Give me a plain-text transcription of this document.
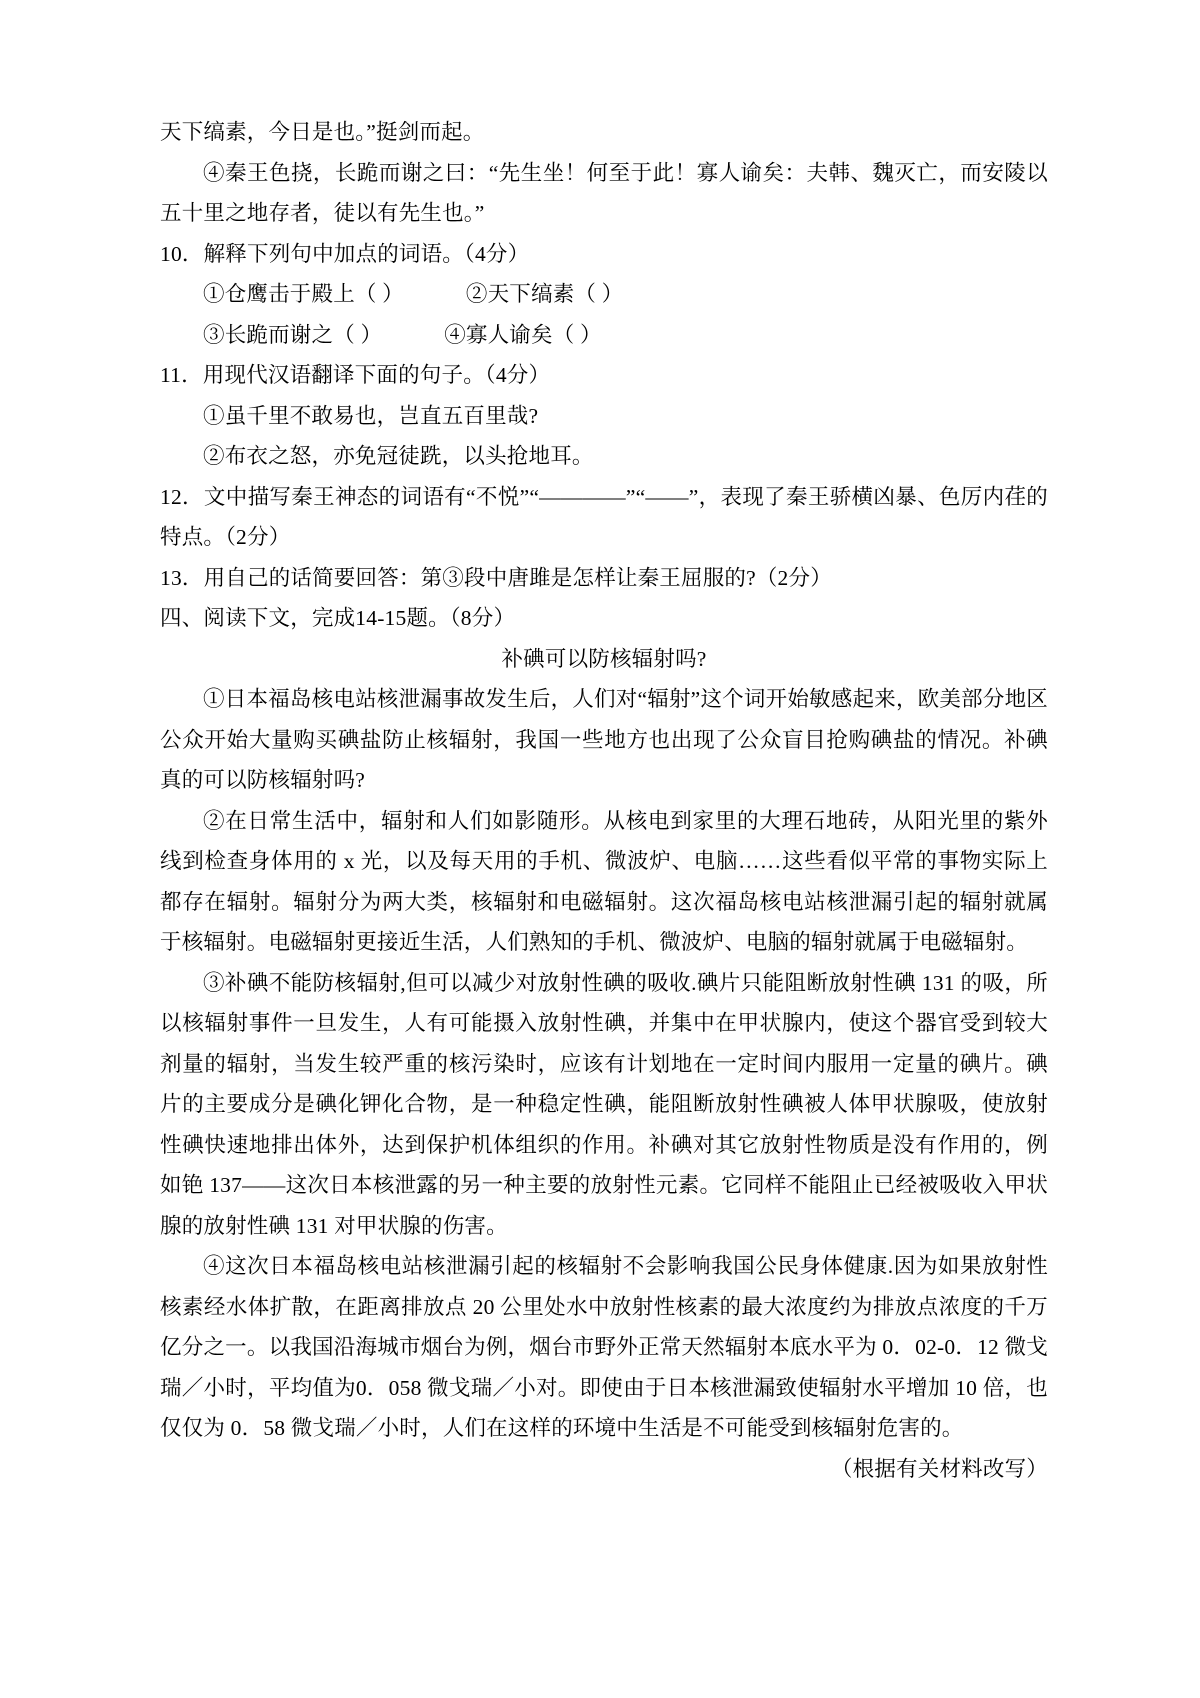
天下缟素，今日是也。”挺剑而起。

④秦王色挠，长跪而谢之曰：“先生坐！何至于此！寡人谕矣：夫韩、魏灭亡，而安陵以五十里之地存者，徒以有先生也。”

10．解释下列句中加点的词语。（4分）

①仓鹰击于殿上（ ）	②天下缟素（ ）

③长跪而谢之（ ）	④寡人谕矣（ ）

11．用现代汉语翻译下面的句子。（4分）

①虽千里不敢易也，岂直五百里哉?

②布衣之怒，亦免冠徒跣，以头抢地耳。

12．文中描写秦王神态的词语有“不悦”“————”“——”，表现了秦王骄横凶暴、色厉内荏的特点。（2分）

13．用自己的话简要回答：第③段中唐雎是怎样让秦王屈服的?（2分）

四、阅读下文，完成14-15题。（8分）

补碘可以防核辐射吗?

①日本福岛核电站核泄漏事故发生后，人们对“辐射”这个词开始敏感起来，欧美部分地区公众开始大量购买碘盐防止核辐射，我国一些地方也出现了公众盲目抢购碘盐的情况。补碘真的可以防核辐射吗?

②在日常生活中，辐射和人们如影随形。从核电到家里的大理石地砖，从阳光里的紫外线到检查身体用的 x 光，以及每天用的手机、微波炉、电脑……这些看似平常的事物实际上都存在辐射。辐射分为两大类，核辐射和电磁辐射。这次福岛核电站核泄漏引起的辐射就属于核辐射。电磁辐射更接近生活，人们熟知的手机、微波炉、电脑的辐射就属于电磁辐射。

③补碘不能防核辐射,但可以减少对放射性碘的吸收.碘片只能阻断放射性碘 131 的吸，所以核辐射事件一旦发生，人有可能摄入放射性碘，并集中在甲状腺内，使这个器官受到较大剂量的辐射，当发生较严重的核污染时，应该有计划地在一定时间内服用一定量的碘片。碘片的主要成分是碘化钾化合物，是一种稳定性碘，能阻断放射性碘被人体甲状腺吸，使放射性碘快速地排出体外，达到保护机体组织的作用。补碘对其它放射性物质是没有作用的，例如铯 137——这次日本核泄露的另一种主要的放射性元素。它同样不能阻止已经被吸收入甲状腺的放射性碘 131 对甲状腺的伤害。

④这次日本福岛核电站核泄漏引起的核辐射不会影响我国公民身体健康.因为如果放射性核素经水体扩散，在距离排放点 20 公里处水中放射性核素的最大浓度约为排放点浓度的千万亿分之一。以我国沿海城市烟台为例，烟台市野外正常天然辐射本底水平为 0．02-0．12 微戈瑞／小时，平均值为0．058 微戈瑞／小对。即使由于日本核泄漏致使辐射水平增加 10 倍，也仅仅为 0．58 微戈瑞／小时，人们在这样的环境中生活是不可能受到核辐射危害的。

（根据有关材料改写）
